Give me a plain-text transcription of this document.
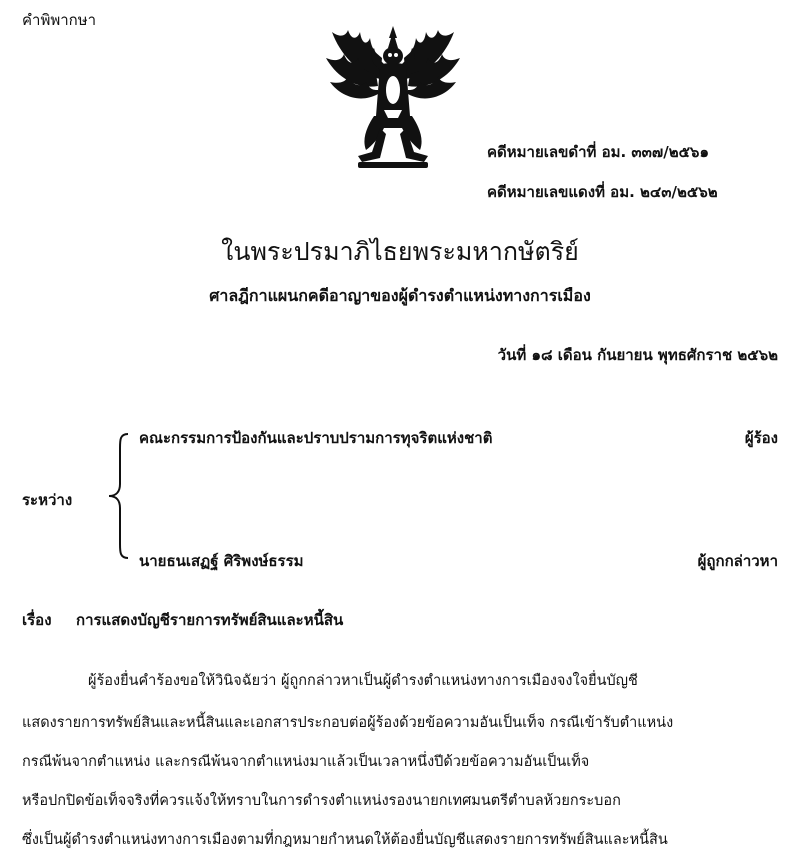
คำพิพากษา
คดีหมายเลขดำที่ อม. ๓๓๗/๒๕๖๑
คดีหมายเลขแดงที่ อม. ๒๔๓/๒๕๖๒
ในพระปรมาภิไธยพระมหากษัตริย์
ศาลฎีกาแผนกคดีอาญาของผู้ดำรงตำแหน่งทางการเมือง
วันที่ ๑๘ เดือน กันยายน พุทธศักราช ๒๕๖๒
ระหว่าง
คณะกรรมการป้องกันและปราบปรามการทุจริตแห่งชาติ	ผู้ร้อง
นายธนเสฏฐ์ ศิริพงษ์ธรรม	ผู้ถูกกล่าวหา
เรื่อง การแสดงบัญชีรายการทรัพย์สินและหนี้สิน
ผู้ร้องยื่นคำร้องขอให้วินิจฉัยว่า ผู้ถูกกล่าวหาเป็นผู้ดำรงตำแหน่งทางการเมืองจงใจยื่นบัญชี
แสดงรายการทรัพย์สินและหนี้สินและเอกสารประกอบต่อผู้ร้องด้วยข้อความอันเป็นเท็จ กรณีเข้ารับตำแหน่ง
กรณีพ้นจากตำแหน่ง และกรณีพ้นจากตำแหน่งมาแล้วเป็นเวลาหนึ่งปีด้วยข้อความอันเป็นเท็จ
หรือปกปิดข้อเท็จจริงที่ควรแจ้งให้ทราบในการดำรงตำแหน่งรองนายกเทศมนตรีตำบลห้วยกระบอก
ซึ่งเป็นผู้ดำรงตำแหน่งทางการเมืองตามที่กฎหมายกำหนดให้ต้องยื่นบัญชีแสดงรายการทรัพย์สินและหนี้สิน
